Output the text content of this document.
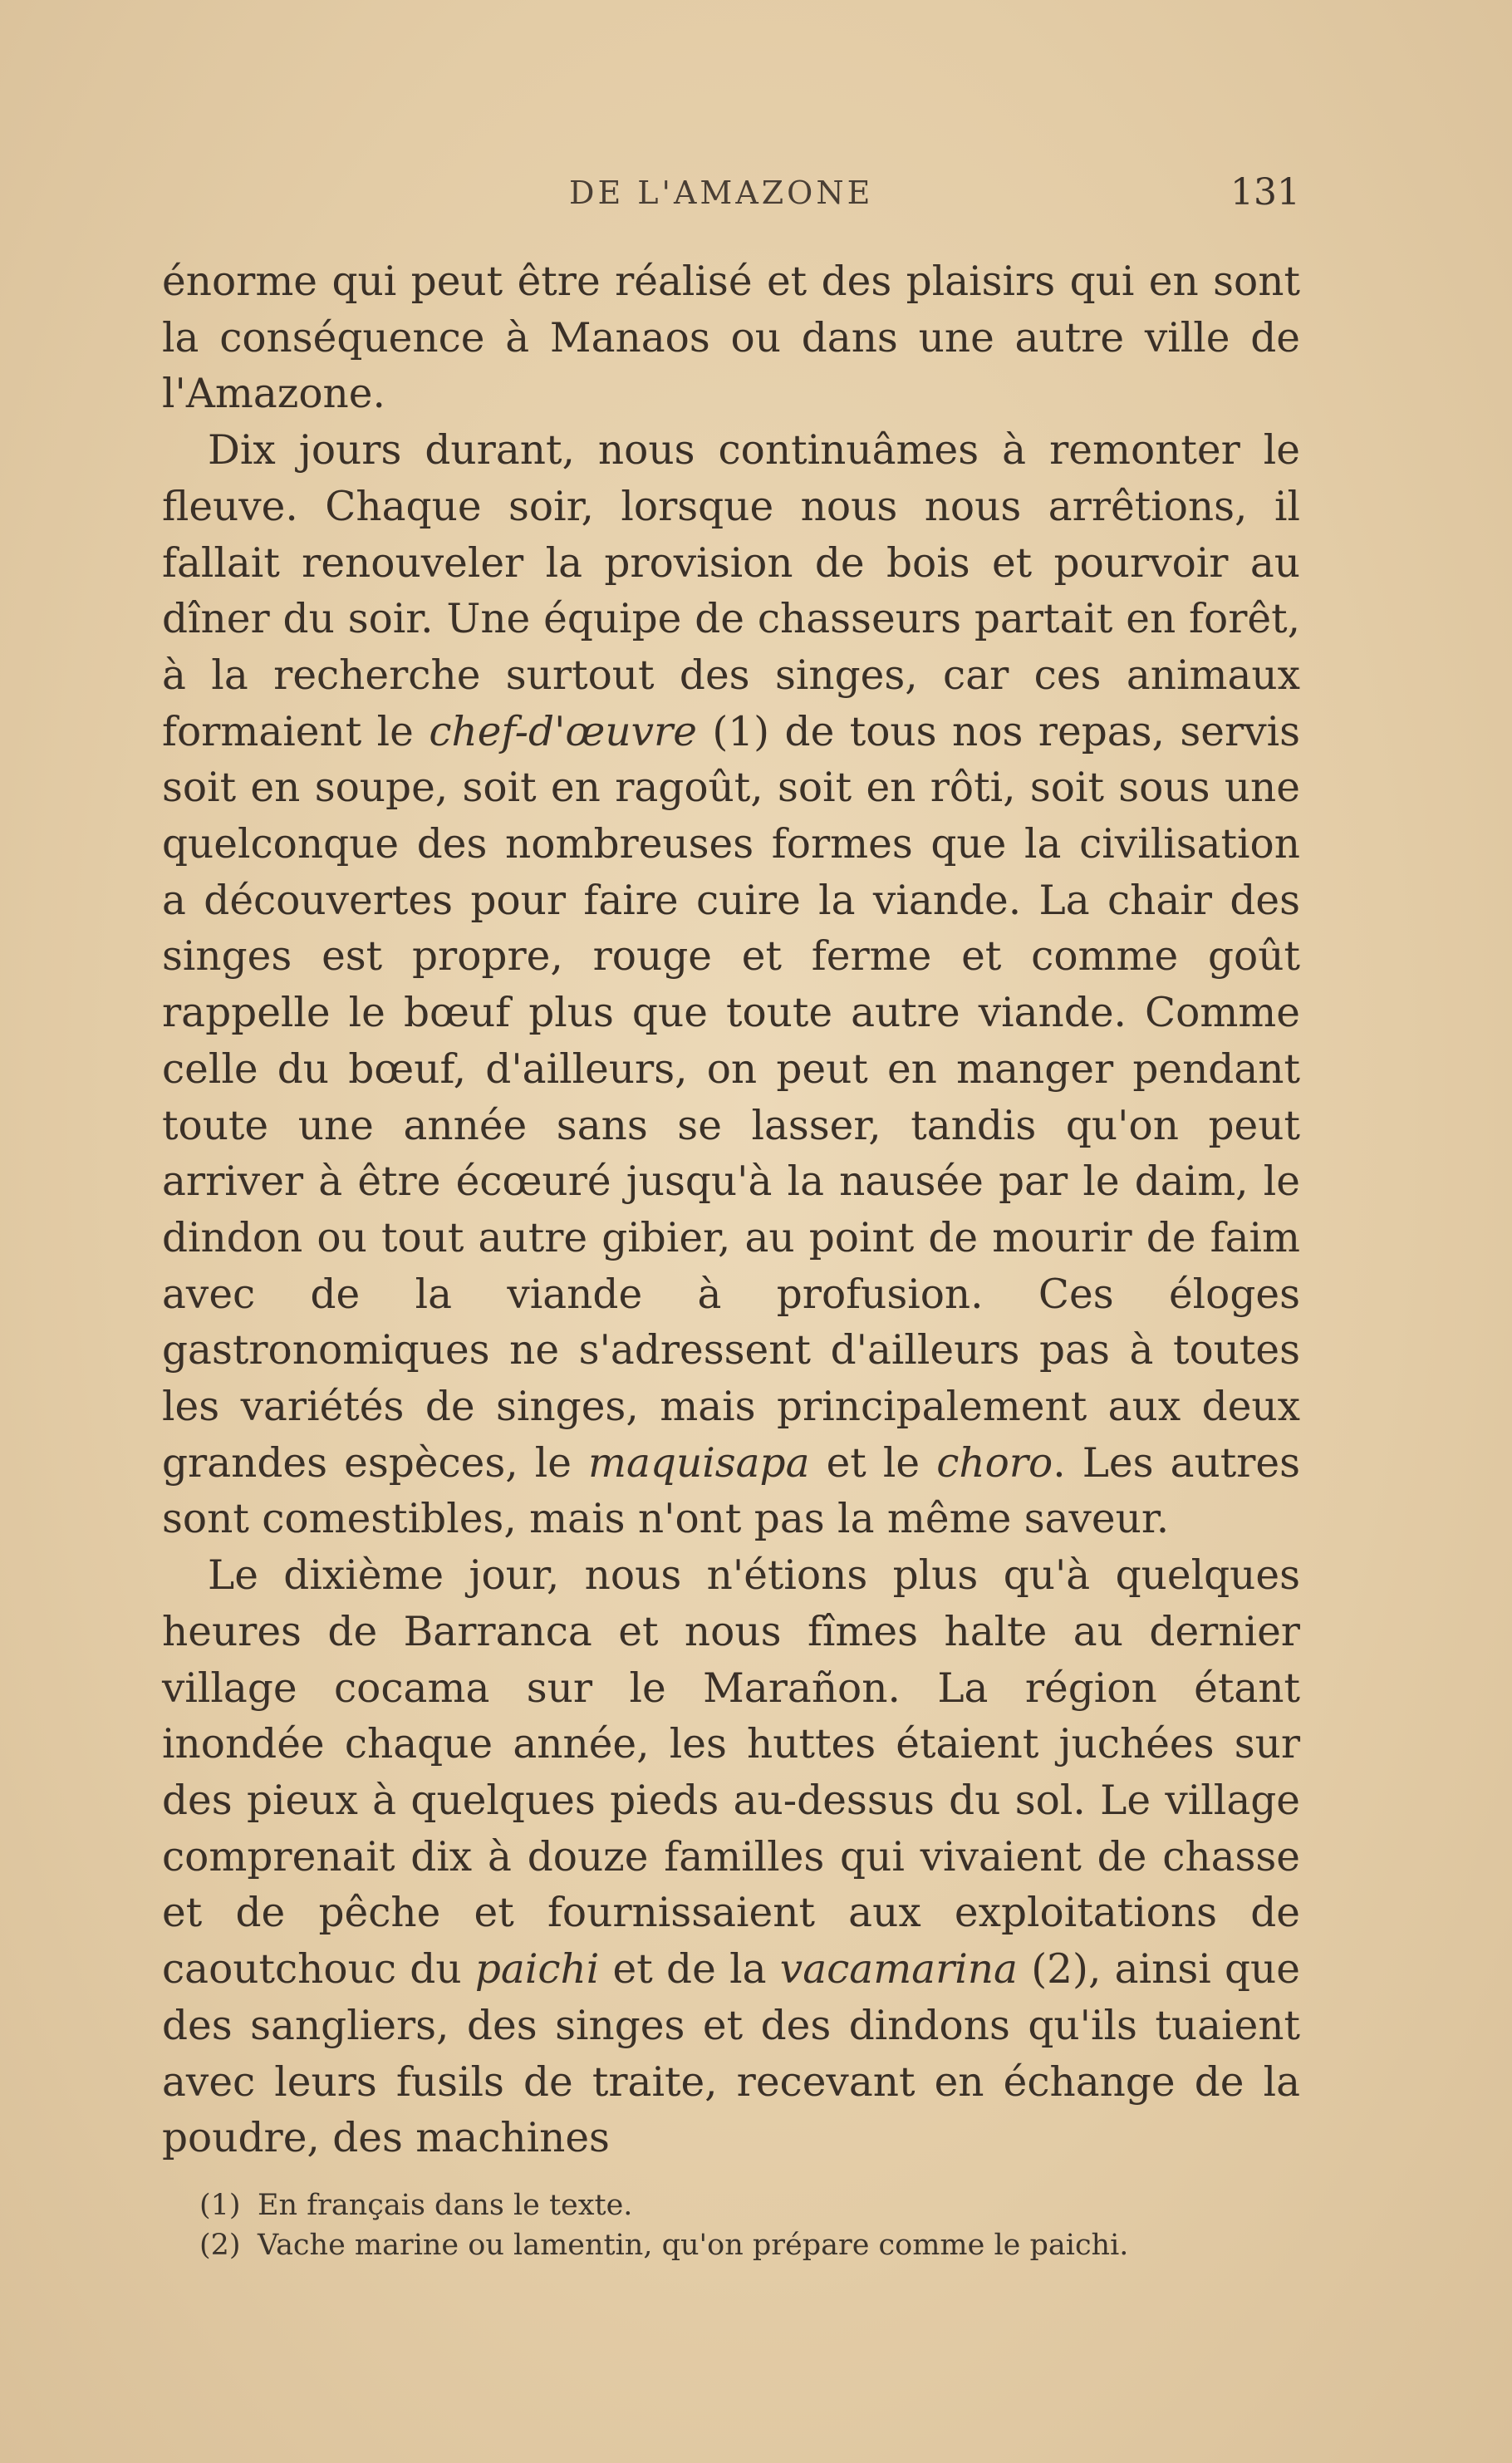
DE L'AMAZONE	131

énorme qui peut être réalisé et des plaisirs qui en sont la conséquence à Manaos ou dans une autre ville de l'Amazone.

Dix jours durant, nous continuâmes à remonter le fleuve. Chaque soir, lorsque nous nous arrêtions, il fallait renouveler la provision de bois et pourvoir au dîner du soir. Une équipe de chasseurs partait en forêt, à la recherche surtout des singes, car ces animaux formaient le chef-d'œuvre (1) de tous nos repas, servis soit en soupe, soit en ragoût, soit en rôti, soit sous une quelconque des nombreuses formes que la civilisation a découvertes pour faire cuire la viande. La chair des singes est propre, rouge et ferme et comme goût rappelle le bœuf plus que toute autre viande. Comme celle du bœuf, d'ailleurs, on peut en manger pendant toute une année sans se lasser, tandis qu'on peut arriver à être écœuré jusqu'à la nausée par le daim, le dindon ou tout autre gibier, au point de mourir de faim avec de la viande à profusion. Ces éloges gastronomiques ne s'adressent d'ailleurs pas à toutes les variétés de singes, mais principalement aux deux grandes espèces, le maquisapa et le choro. Les autres sont comestibles, mais n'ont pas la même saveur.

Le dixième jour, nous n'étions plus qu'à quelques heures de Barranca et nous fîmes halte au dernier village cocama sur le Marañon. La région étant inondée chaque année, les huttes étaient juchées sur des pieux à quelques pieds au-dessus du sol. Le village comprenait dix à douze familles qui vivaient de chasse et de pêche et fournissaient aux exploitations de caoutchouc du paichi et de la vacamarina (2), ainsi que des sangliers, des singes et des dindons qu'ils tuaient avec leurs fusils de traite, recevant en échange de la poudre, des machines

(1) En français dans le texte.

(2) Vache marine ou lamentin, qu'on prépare comme le paichi.
